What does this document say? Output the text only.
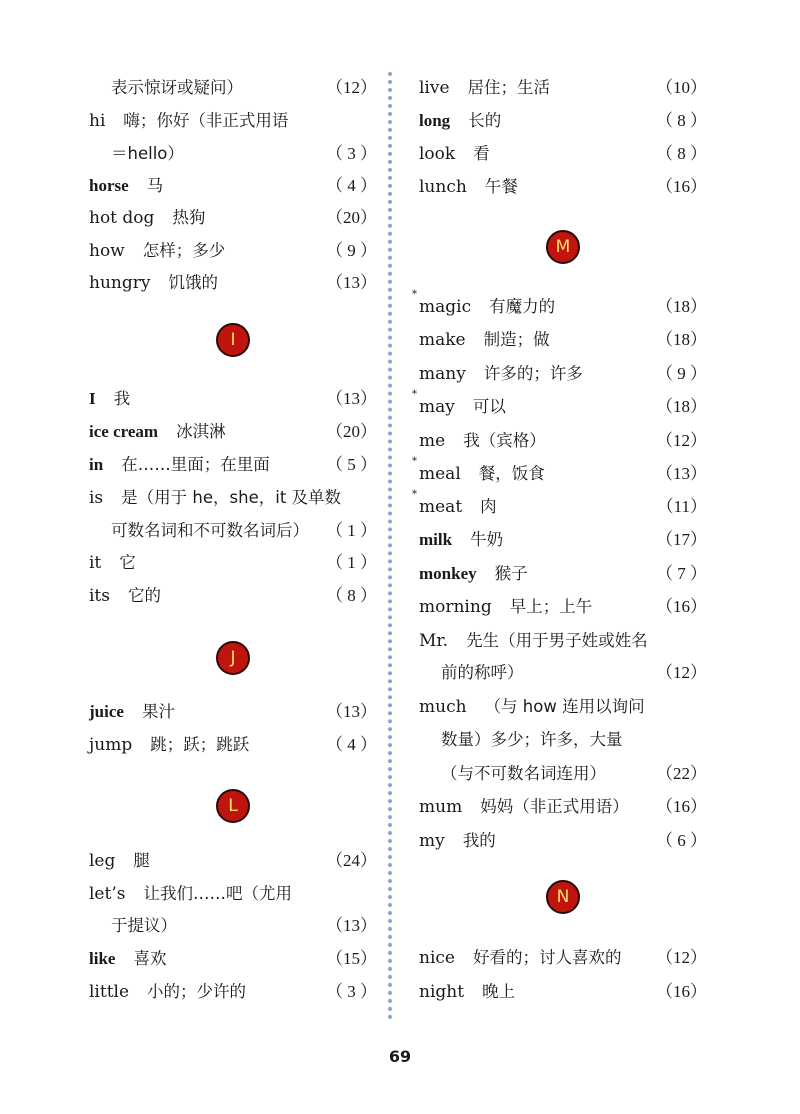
表示惊讶或疑问）	（12）
hi 嗨；你好（非正式用语
＝hello）	（ 3 ）
horse 马	（ 4 ）
hot dog 热狗	（20）
how 怎样；多少	（ 9 ）
hungry 饥饿的	（13）
I
I 我	（13）
ice cream 冰淇淋	（20）
in 在……里面；在里面	（ 5 ）
is 是（用于 he，she，it 及单数
可数名词和不可数名词后） （ 1 ）
it 它	（ 1 ）
its 它的	（ 8 ）
J
juice 果汁	（13）
jump 跳；跃；跳跃	（ 4 ）
L
leg 腿	（24）
let’s 让我们……吧（尤用
于提议）	（13）
like 喜欢	（15）
little 小的；少许的	（ 3 ）
live 居住；生活	（10）
long 长的	（ 8 ）
look 看	（ 8 ）
lunch 午餐	（16）
M
*
magic 有魔力的	（18）
make 制造；做	（18）
many 许多的；许多	（ 9 ）
*
may 可以	（18）
me 我（宾格）	（12）
*
meal 餐，饭食	（13）
*
meat 肉	（11）
milk 牛奶	（17）
monkey 猴子	（ 7 ）
morning 早上；上午	（16）
Mr. 先生（用于男子姓或姓名
前的称呼）	（12）
much （与 how 连用以询问
数量）多少；许多，大量
（与不可数名词连用）	（22）
mum 妈妈（非正式用语） （16）
my 我的	（ 6 ）
N
nice 好看的；讨人喜欢的 （12）
night 晚上	（16）
69
